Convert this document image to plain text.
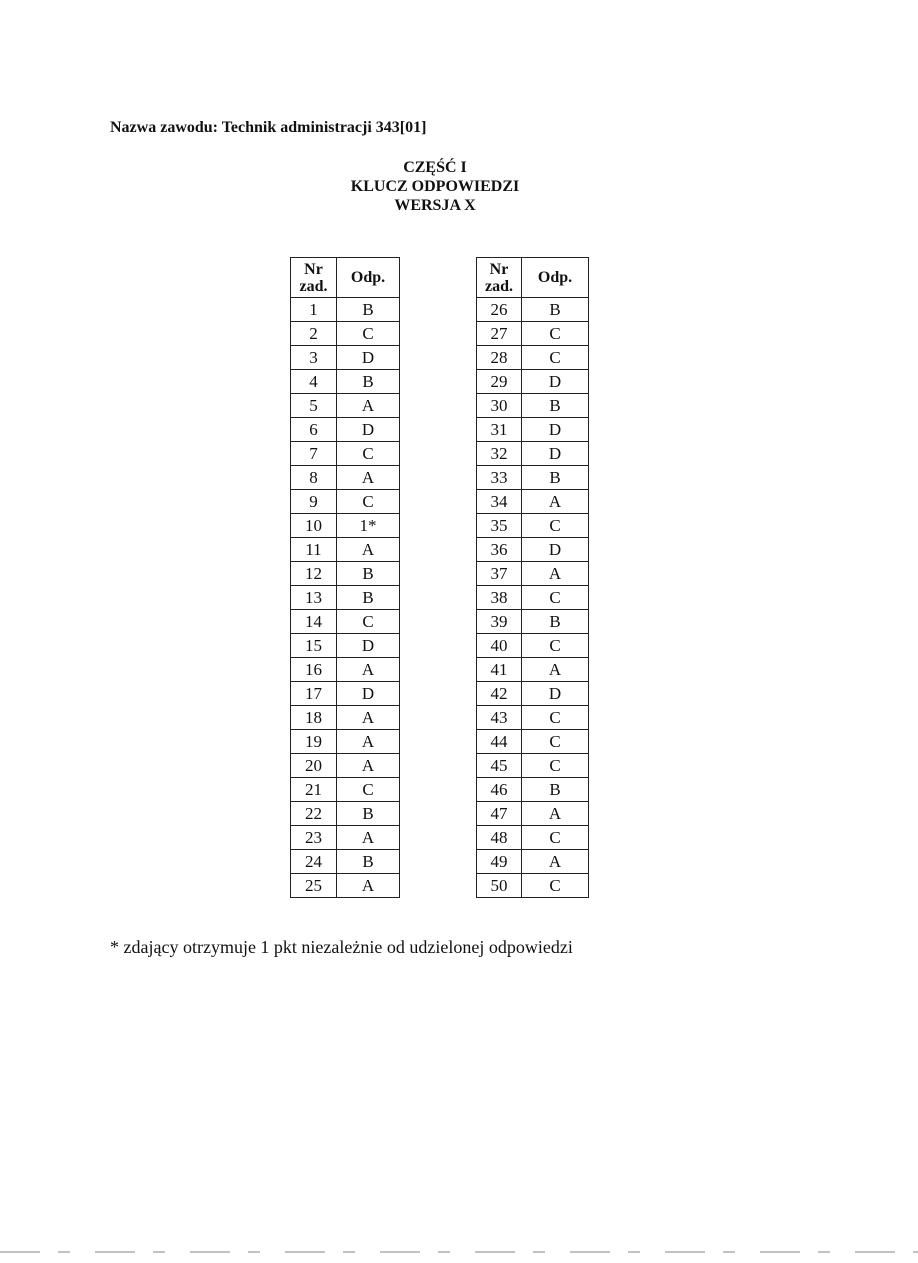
Nazwa zawodu: Technik administracji 343[01]

CZĘŚĆ I
KLUCZ ODPOWIEDZI
WERSJA X
Nr
zad.	Odp.
1	B
2	C
3	D
4	B
5	A
6	D
7	C
8	A
9	C
10	1*
11	A
12	B
13	B
14	C
15	D
16	A
17	D
18	A
19	A
20	A
21	C
22	B
23	A
24	B
25	A
Nr
zad.	Odp.
26	B
27	C
28	C
29	D
30	B
31	D
32	D
33	B
34	A
35	C
36	D
37	A
38	C
39	B
40	C
41	A
42	D
43	C
44	C
45	C
46	B
47	A
48	C
49	A
50	C

* zdający otrzymuje 1 pkt niezależnie od udzielonej odpowiedzi
